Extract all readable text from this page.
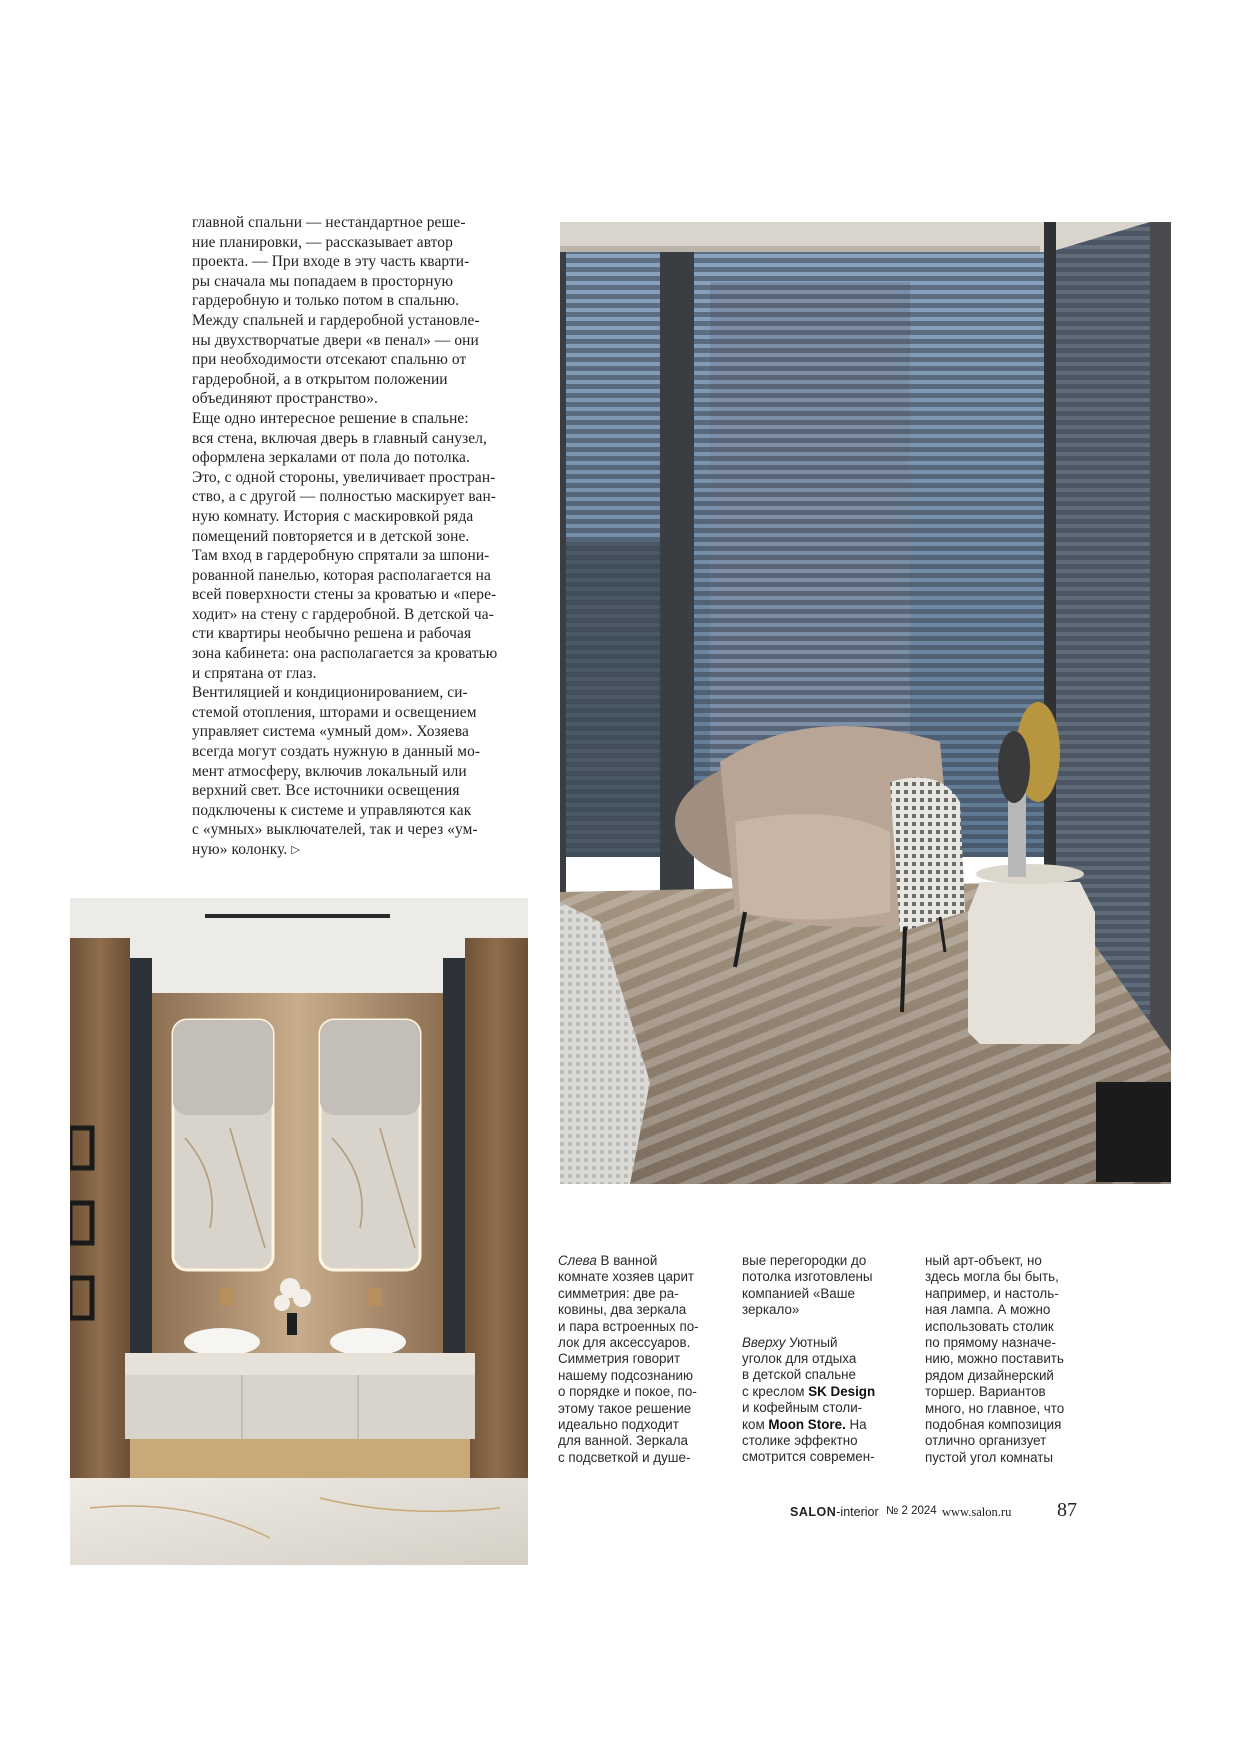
главной спальни — нестандартное реше-
ние планировки, — рассказывает автор
проекта. — При входе в эту часть кварти-
ры сначала мы попадаем в просторную
гардеробную и только потом в спальню.
Между спальней и гардеробной установле-
ны двухстворчатые двери «в пенал» — они
при необходимости отсекают спальню от
гардеробной, а в открытом положении
объединяют пространство».
Еще одно интересное решение в спальне:
вся стена, включая дверь в главный санузел,
оформлена зеркалами от пола до потолка.
Это, с одной стороны, увеличивает простран-
ство, а с другой — полностью маскирует ван-
ную комнату. История с маскировкой ряда
помещений повторяется и в детской зоне.
Там вход в гардеробную спрятали за шпони-
рованной панелью, которая располагается на
всей поверхности стены за кроватью и «пере-
ходит» на стену с гардеробной. В детской ча-
сти квартиры необычно решена и рабочая
зона кабинета: она располагается за кроватью
и спрятана от глаз.
Вентиляцией и кондиционированием, си-
стемой отопления, шторами и освещением
управляет система «умный дом». Хозяева
всегда могут создать нужную в данный мо-
мент атмосферу, включив локальный или
верхний свет. Все источники освещения
подключены к системе и управляются как
с «умных» выключателей, так и через «ум-
ную» колонку. ▷
Слева В ванной
комнате хозяев царит
симметрия: две ра-
ковины, два зеркала
и пара встроенных по-
лок для аксессуаров.
Симметрия говорит
нашему подсознанию
о порядке и покое, по-
этому такое решение
идеально подходит
для ванной. Зеркала
с подсветкой и душе-
вые перегородки до
потолка изготовлены
компанией «Ваше
зеркало»
Вверху Уютный
уголок для отдыха
в детской спальне
с креслом SK Design
и кофейным столи-
ком Moon Store. На
столике эффектно
смотрится современ-
ный арт-объект, но
здесь могла бы быть,
например, и настоль-
ная лампа. А можно
использовать столик
по прямому назначе-
нию, можно поставить
рядом дизайнерский
торшер. Вариантов
много, но главное, что
подобная композиция
отлично организует
пустой угол комнаты
SALON-interior № 2 2024 www.salon.ru 87
